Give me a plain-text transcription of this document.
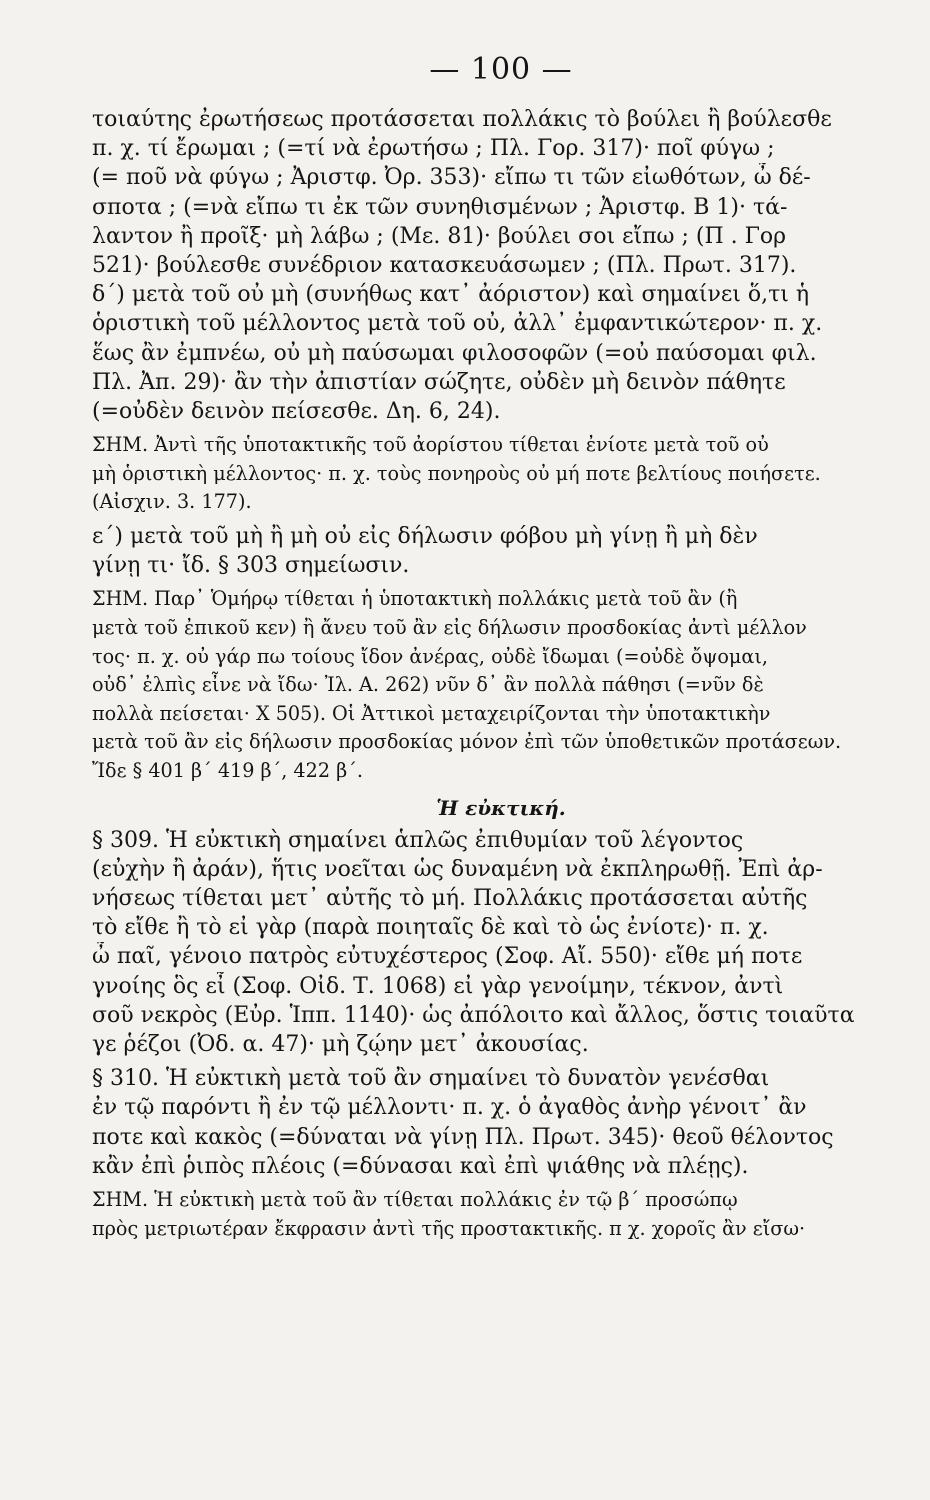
— 100 —
τοιαύτης ἐρωτήσεως προτάσσεται πολλάκις τὸ βούλει ἢ βούλεσθε
π. χ. τί ἔρωμαι ; (=τί νὰ ἐρωτήσω ; Πλ. Γορ. 317)· ποῖ φύγω ;
(= ποῦ νὰ φύγω ; Ἀριστφ. Ὀρ. 353)· εἴπω τι τῶν εἰωθότων, ὦ δέ-
σποτα ; (=νὰ εἴπω τι ἐκ τῶν συνηθισμένων ; Ἀριστφ. Β 1)· τά-
λαντον ἢ προῖξ· μὴ λάβω ; (Με. 81)· βούλει σοι εἴπω ; (Π . Γορ
521)· βούλεσθε συνέδριον κατασκευάσωμεν ; (Πλ. Πρωτ. 317).
δ΄) μετὰ τοῦ οὐ μὴ (συνήθως κατ᾽ ἀόριστον) καὶ σημαίνει ὅ,τι ἡ
ὁριστικὴ τοῦ μέλλοντος μετὰ τοῦ οὐ, ἀλλ᾽ ἐμφαντικώτερον· π. χ.
ἕως ἂν ἐμπνέω, οὐ μὴ παύσωμαι φιλοσοφῶν (=οὐ παύσομαι φιλ.
Πλ. Ἀπ. 29)· ἂν τὴν ἀπιστίαν σώζητε, οὐδὲν μὴ δεινὸν πάθητε
(=οὐδὲν δεινὸν πείσεσθε. Δη. 6, 24).
ΣΗΜ. Ἀντὶ τῆς ὑποτακτικῆς τοῦ ἀορίστου τίθεται ἐνίοτε μετὰ τοῦ οὐ
μὴ ὁριστικὴ μέλλοντος· π. χ. τοὺς πονηροὺς οὐ μή ποτε βελτίους ποιήσετε.
(Αἰσχιν. 3. 177).
ε΄) μετὰ τοῦ μὴ ἢ μὴ οὐ εἰς δήλωσιν φόβου μὴ γίνῃ ἢ μὴ δὲν
γίνῃ τι· ἴδ. § 303 σημείωσιν.
ΣΗΜ. Παρ᾽ Ὁμήρῳ τίθεται ἡ ὑποτακτικὴ πολλάκις μετὰ τοῦ ἂν (ἢ
μετὰ τοῦ ἐπικοῦ κεν) ἢ ἄνευ τοῦ ἂν εἰς δήλωσιν προσδοκίας ἀντὶ μέλλον
τος· π. χ. οὐ γάρ πω τοίους ἴδον ἀνέρας, οὐδὲ ἴδωμαι (=οὐδὲ ὄψομαι,
οὐδ᾽ ἐλπὶς εἶνε νὰ ἴδω· Ἰλ. Α. 262) νῦν δ᾽ ἂν πολλὰ πάθησι (=νῦν δὲ
πολλὰ πείσεται· Χ 505). Οἱ Ἀττικοὶ μεταχειρίζονται τὴν ὑποτακτικὴν
μετὰ τοῦ ἂν εἰς δήλωσιν προσδοκίας μόνον ἐπὶ τῶν ὑποθετικῶν προτάσεων.
Ἴδε § 401 β΄ 419 β΄, 422 β΄.
Ἡ εὐκτική.
§ 309. Ἡ εὐκτικὴ σημαίνει ἁπλῶς ἐπιθυμίαν τοῦ λέγοντος
(εὐχὴν ἢ ἀράν), ἥτις νοεῖται ὡς δυναμένη νὰ ἐκπληρωθῇ. Ἐπὶ ἀρ-
νήσεως τίθεται μετ᾽ αὐτῆς τὸ μή. Πολλάκις προτάσσεται αὐτῆς
τὸ εἴθε ἢ τὸ εἰ γὰρ (παρὰ ποιηταῖς δὲ καὶ τὸ ὡς ἐνίοτε)· π. χ.
ὦ παῖ, γένοιο πατρὸς εὐτυχέστερος (Σοφ. Αἴ. 550)· εἴθε μή ποτε
γνοίης ὃς εἶ (Σοφ. Οἰδ. Τ. 1068) εἰ γὰρ γενοίμην, τέκνον, ἀντὶ
σοῦ νεκρὸς (Εὐρ. Ἱππ. 1140)· ὡς ἀπόλοιτο καὶ ἄλλος, ὅστις τοιαῦτα
γε ῥέζοι (Ὀδ. α. 47)· μὴ ζῴην μετ᾽ ἀκουσίας.
§ 310. Ἡ εὐκτικὴ μετὰ τοῦ ἂν σημαίνει τὸ δυνατὸν γενέσθαι
ἐν τῷ παρόντι ἢ ἐν τῷ μέλλοντι· π. χ. ὁ ἀγαθὸς ἀνὴρ γένοιτ᾽ ἂν
ποτε καὶ κακὸς (=δύναται νὰ γίνῃ Πλ. Πρωτ. 345)· θεοῦ θέλοντος
κἂν ἐπὶ ῥιπὸς πλέοις (=δύνασαι καὶ ἐπὶ ψιάθης νὰ πλέῃς).
ΣΗΜ. Ἡ εὐκτικὴ μετὰ τοῦ ἂν τίθεται πολλάκις ἐν τῷ β΄ προσώπῳ
πρὸς μετριωτέραν ἔκφρασιν ἀντὶ τῆς προστακτικῆς. π χ. χοροῖς ἂν εἴσω·
